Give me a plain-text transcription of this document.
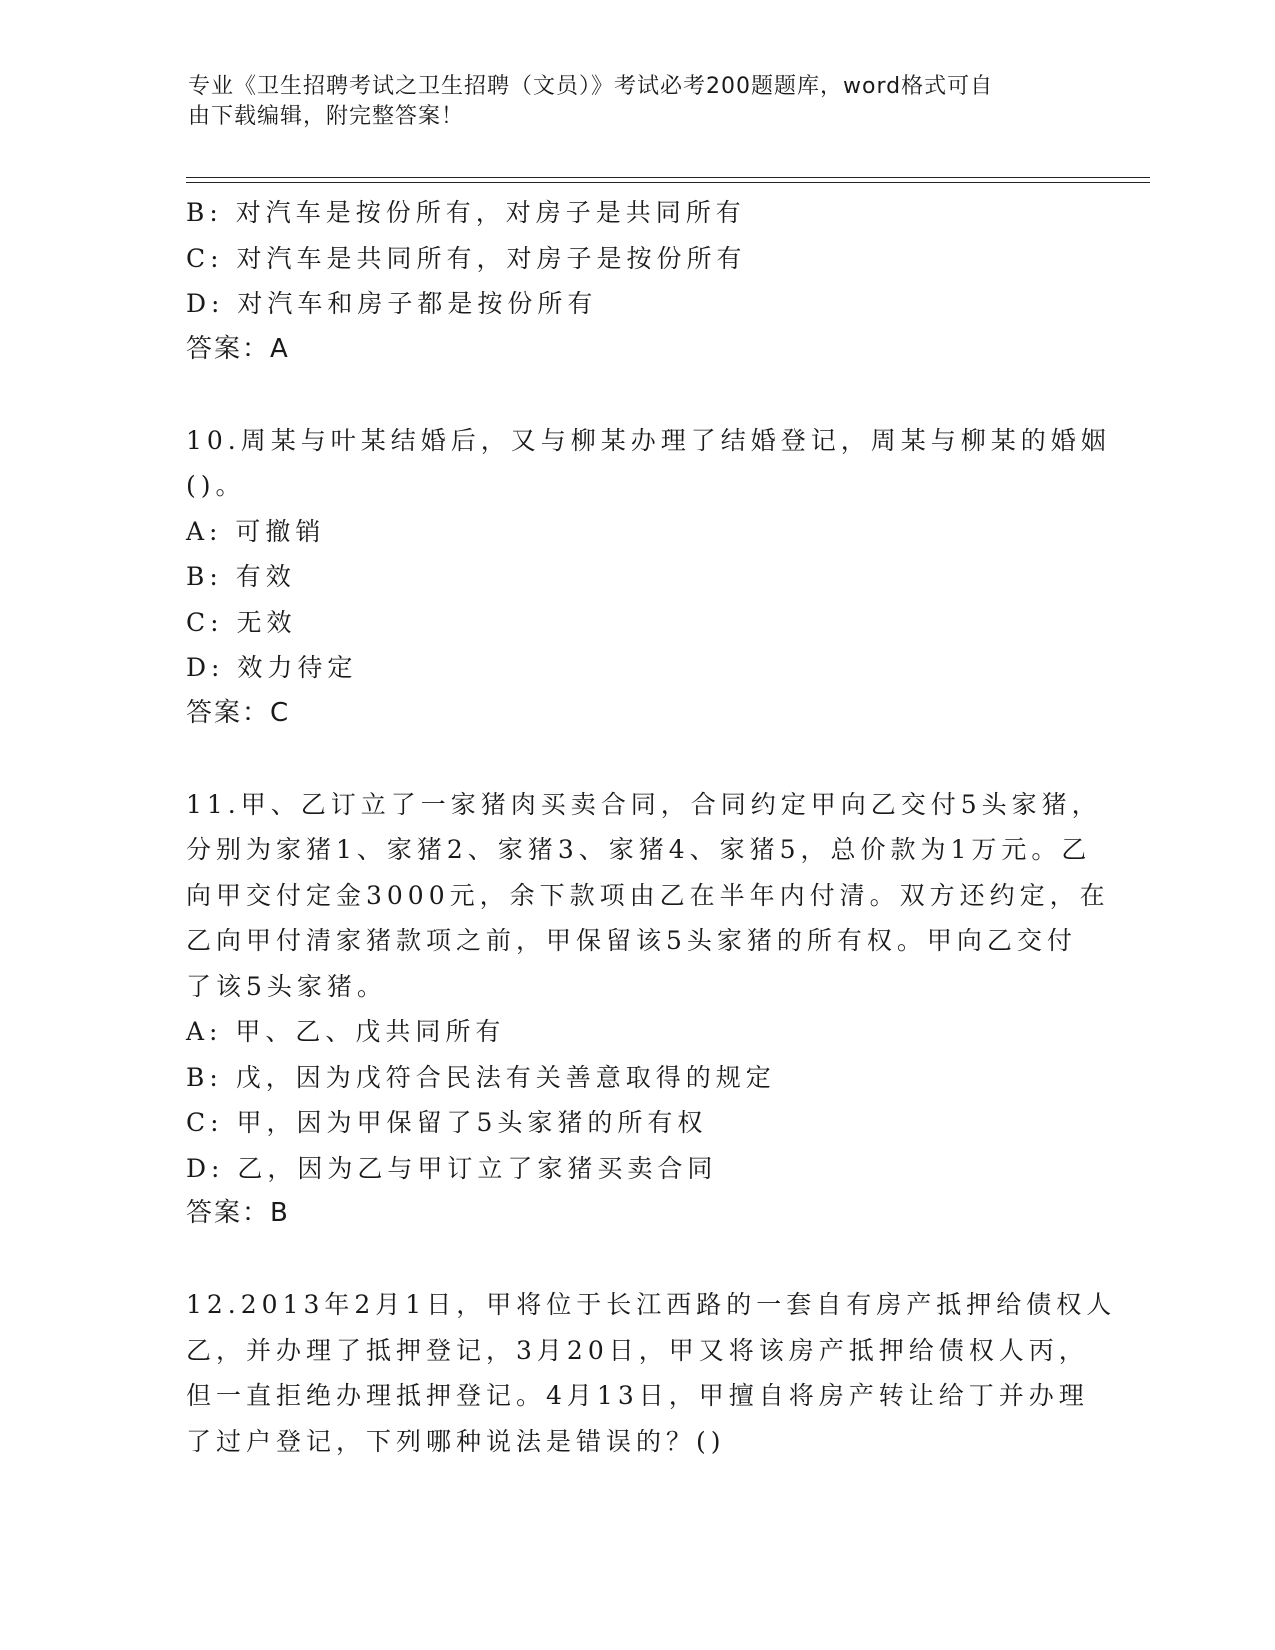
专业《卫生招聘考试之卫生招聘（文员）》考试必考200题题库，word格式可自
由下载编辑，附完整答案！
B: 对汽车是按份所有，对房子是共同所有
C: 对汽车是共同所有，对房子是按份所有
D: 对汽车和房子都是按份所有
答案：A
10.周某与叶某结婚后，又与柳某办理了结婚登记，周某与柳某的婚姻
()。
A: 可撤销
B: 有效
C: 无效
D: 效力待定
答案：C
11.甲、乙订立了一家猪肉买卖合同，合同约定甲向乙交付5头家猪，
分别为家猪1、家猪2、家猪3、家猪4、家猪5，总价款为1万元。乙
向甲交付定金3000元，余下款项由乙在半年内付清。双方还约定，在
乙向甲付清家猪款项之前，甲保留该5头家猪的所有权。甲向乙交付
了该5头家猪。
A: 甲、乙、戊共同所有
B: 戊，因为戊符合民法有关善意取得的规定
C: 甲，因为甲保留了5头家猪的所有权
D: 乙，因为乙与甲订立了家猪买卖合同
答案：B
12.2013年2月1日，甲将位于长江西路的一套自有房产抵押给债权人
乙，并办理了抵押登记，3月20日，甲又将该房产抵押给债权人丙，
但一直拒绝办理抵押登记。4月13日，甲擅自将房产转让给丁并办理
了过户登记，下列哪种说法是错误的？()
